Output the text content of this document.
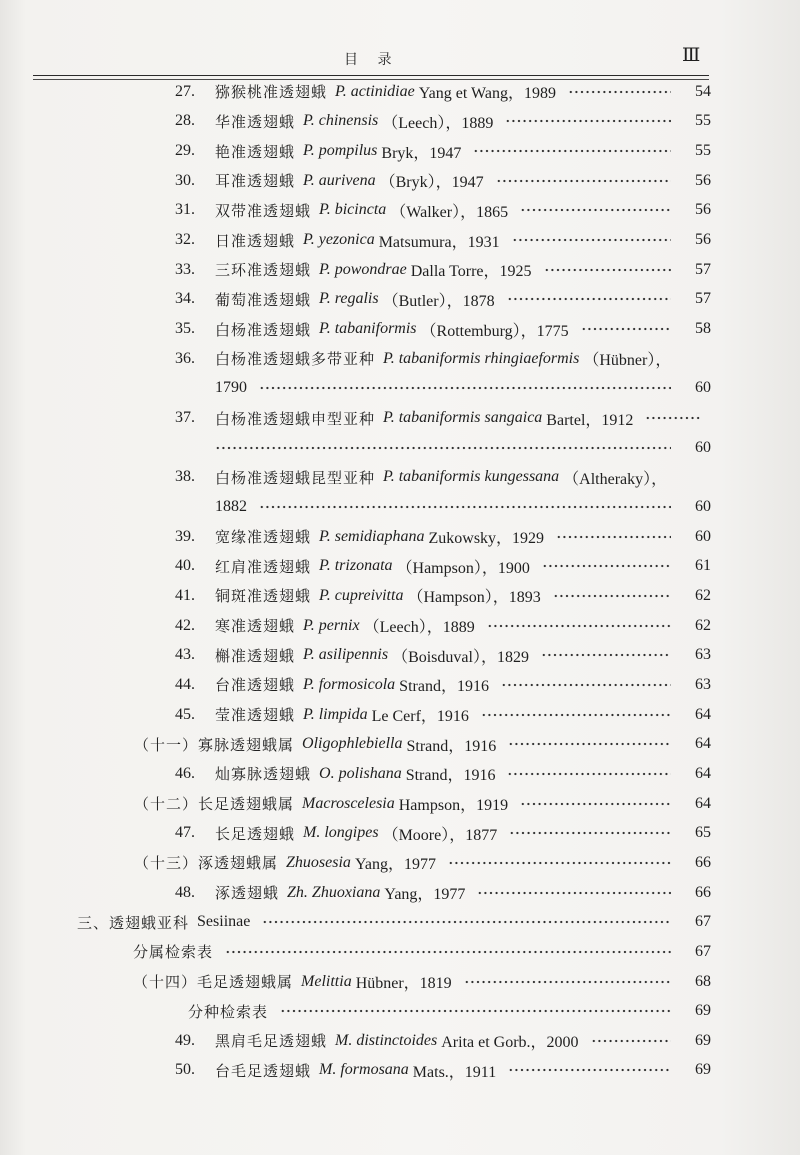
目 录	Ⅲ
27.	猕猴桃准透翅蛾 P. actinidiae Yang et Wang，1989	54
28.	华准透翅蛾 P. chinensis （Leech），1889	55
29.	艳准透翅蛾 P. pompilus Bryk，1947	55
30.	耳准透翅蛾 P. aurivena （Bryk），1947	56
31.	双带准透翅蛾 P. bicincta （Walker），1865	56
32.	日准透翅蛾 P. yezonica Matsumura，1931	56
33.	三环准透翅蛾 P. powondrae Dalla Torre，1925	57
34.	葡萄准透翅蛾 P. regalis （Butler），1878	57
35.	白杨准透翅蛾 P. tabaniformis （Rottemburg），1775	58
36.	白杨准透翅蛾多带亚种 P. tabaniformis rhingiaeformis （Hübner），
1790	60
37.	白杨准透翅蛾申型亚种 P. tabaniformis sangaica Bartel，1912
60
38.	白杨准透翅蛾昆型亚种 P. tabaniformis kungessana （Altheraky），
1882	60
39.	宽缘准透翅蛾 P. semidiaphana Zukowsky，1929	60
40.	红肩准透翅蛾 P. trizonata （Hampson），1900	61
41.	铜斑准透翅蛾 P. cupreivitta （Hampson），1893	62
42.	寒准透翅蛾 P. pernix （Leech），1889	62
43.	槲准透翅蛾 P. asilipennis （Boisduval），1829	63
44.	台准透翅蛾 P. formosicola Strand，1916	63
45.	莹准透翅蛾 P. limpida Le Cerf，1916	64
（十一） 寡脉透翅蛾属 Oligophlebiella Strand，1916	64
46.	灿寡脉透翅蛾 O. polishana Strand，1916	64
（十二） 长足透翅蛾属 Macroscelesia Hampson，1919	64
47.	长足透翅蛾 M. longipes （Moore），1877	65
（十三） 涿透翅蛾属 Zhuosesia Yang，1977	66
48.	涿透翅蛾 Zh. Zhuoxiana Yang，1977	66
三、透翅蛾亚科 Sesiinae	67
分属检索表	67
（十四） 毛足透翅蛾属 Melittia Hübner，1819	68
分种检索表	69
49.	黑肩毛足透翅蛾 M. distinctoides Arita et Gorb.，2000	69
50.	台毛足透翅蛾 M. formosana Mats.，1911	69
